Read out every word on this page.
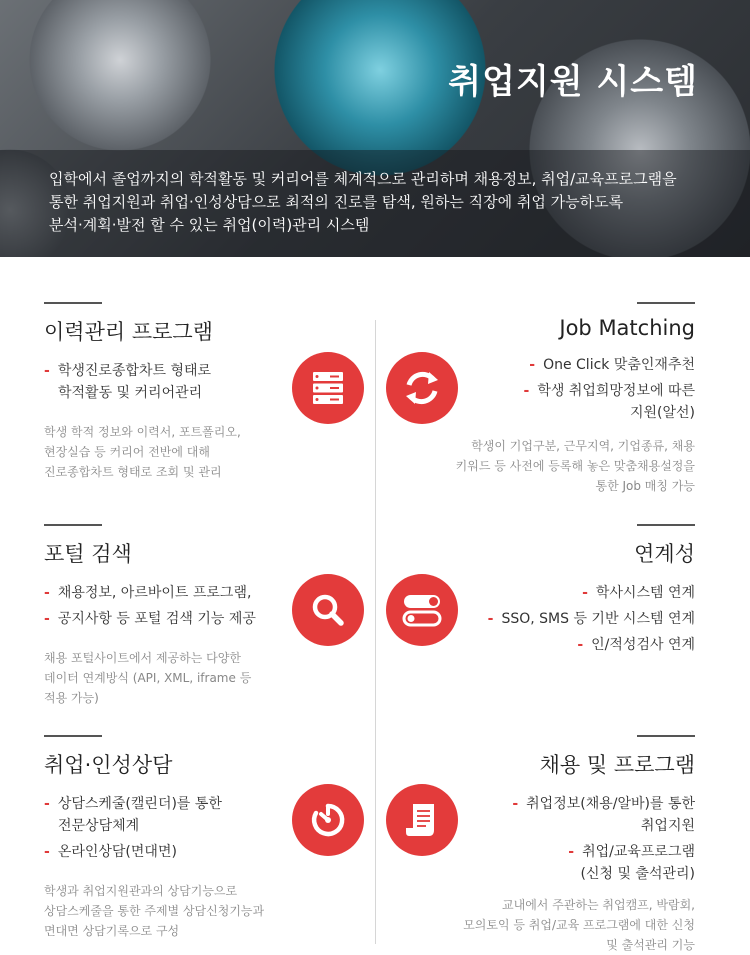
취업지원 시스템
입학에서 졸업까지의 학적활동 및 커리어를 체계적으로 관리하며 채용정보, 취업/교육프로그램을
통한 취업지원과 취업·인성상담으로 최적의 진로를 탐색, 원하는 직장에 취업 가능하도록
분석·계획·발전 할 수 있는 취업(이력)관리 시스템
이력관리 프로그램
- 학생진로종합차트 형태로
학적활동 및 커리어관리
학생 학적 정보와 이력서, 포트폴리오,
현장실습 등 커리어 전반에 대해
진로종합차트 형태로 조회 및 관리
Job Matching
- One Click 맞춤인재추천
- 학생 취업희망정보에 따른
지원(알선)
학생이 기업구분, 근무지역, 기업종류, 채용
키워드 등 사전에 등록해 놓은 맞춤채용설정을
통한 Job 매칭 가능
포털 검색
- 채용정보, 아르바이트 프로그램,
- 공지사항 등 포털 검색 기능 제공
채용 포털사이트에서 제공하는 다양한
데이터 연계방식 (API, XML, iframe 등
적용 가능)
연계성
- 학사시스템 연계
- SSO, SMS 등 기반 시스템 연계
- 인/적성검사 연계
취업·인성상담
- 상담스케줄(캘린더)를 통한
전문상담체계
- 온라인상담(면대면)
학생과 취업지원관과의 상담기능으로
상담스케줄을 통한 주제별 상담신청기능과
면대면 상담기록으로 구성
채용 및 프로그램
- 취업정보(채용/알바)를 통한
취업지원
- 취업/교육프로그램
(신청 및 출석관리)
교내에서 주관하는 취업캠프, 박람회,
모의토익 등 취업/교육 프로그램에 대한 신청
및 출석관리 기능
